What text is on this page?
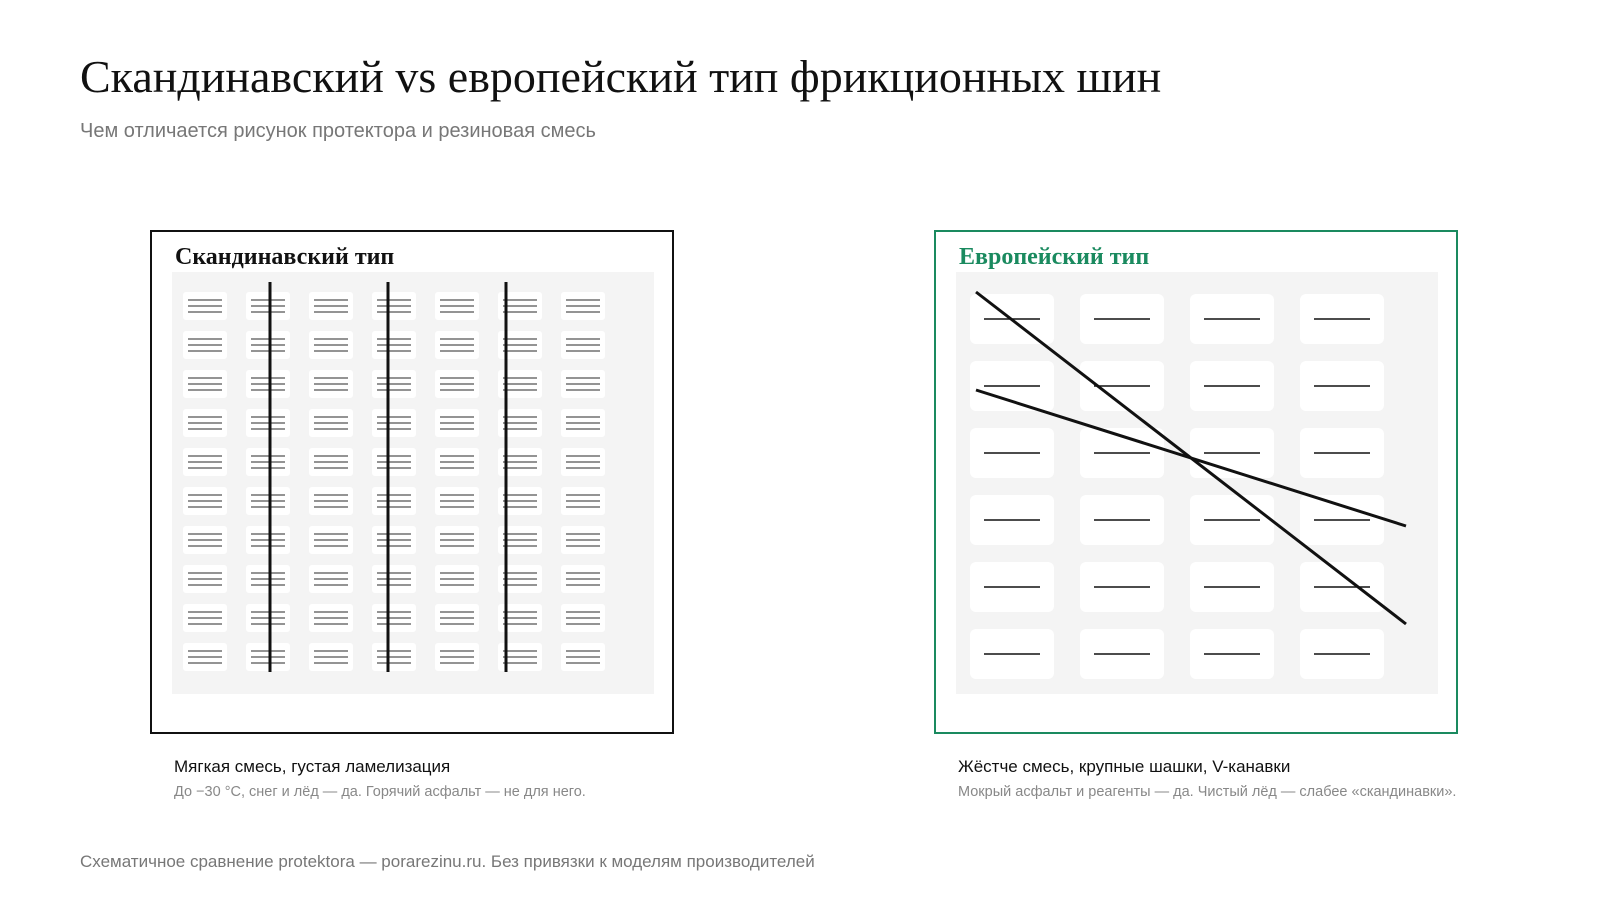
Скандинавский vs европейский тип фрикционных шин
Чем отличается рисунок протектора и резиновая смесь
Скандинавский тип	Европейский тип
Мягкая смесь, густая ламелизация
До −30 °C, снег и лёд — да. Горячий асфальт — не для него.
Жёстче смесь, крупные шашки, V-канавки
Мокрый асфальт и реагенты — да. Чистый лёд — слабее «скандинавки».
Схематичное сравнение protektora — porarezinu.ru. Без привязки к моделям производителей
